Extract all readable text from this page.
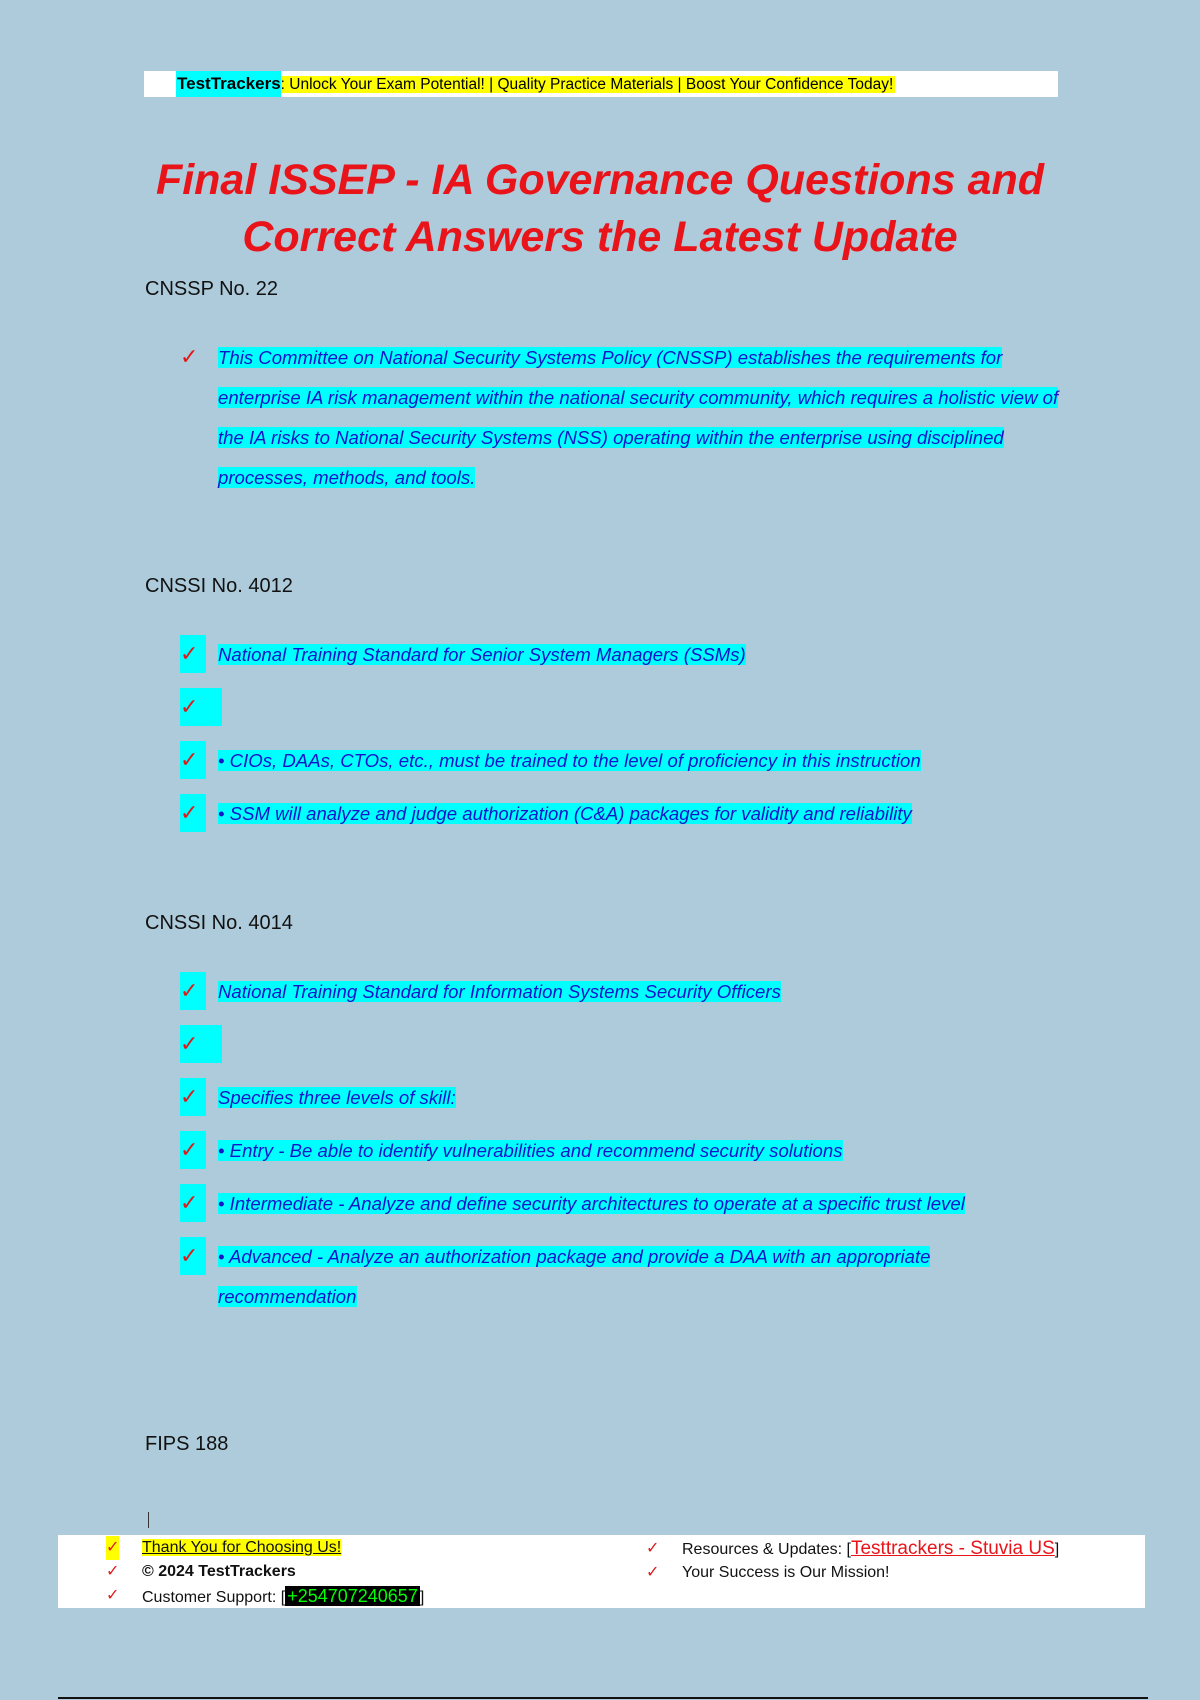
TestTrackers: Unlock Your Exam Potential! | Quality Practice Materials | Boost Your Confidence Today!
Final ISSEP - IA Governance Questions and Correct Answers the Latest Update

CNSSP No. 22

✓ This Committee on National Security Systems Policy (CNSSP) establishes the requirements for enterprise IA risk management within the national security community, which requires a holistic view of the IA risks to National Security Systems (NSS) operating within the enterprise using disciplined processes, methods, and tools.

CNSSI No. 4012

✓	National Training Standard for Senior System Managers (SSMs)
✓
✓	• CIOs, DAAs, CTOs, etc., must be trained to the level of proficiency in this instruction
✓	• SSM will analyze and judge authorization (C&A) packages for validity and reliability

CNSSI No. 4014

✓	National Training Standard for Information Systems Security Officers
✓
✓	Specifies three levels of skill:
✓	• Entry - Be able to identify vulnerabilities and recommend security solutions
✓	• Intermediate - Analyze and define security architectures to operate at a specific trust level
✓	• Advanced - Analyze an authorization package and provide a DAA with an appropriate recommendation

FIPS 188

✓ Thank You for Choosing Us!
✓ © 2024 TestTrackers
✓ Customer Support: [ +254707240657 ]
✓ Resources & Updates: [Testtrackers - Stuvia US]
✓ Your Success is Our Mission!
